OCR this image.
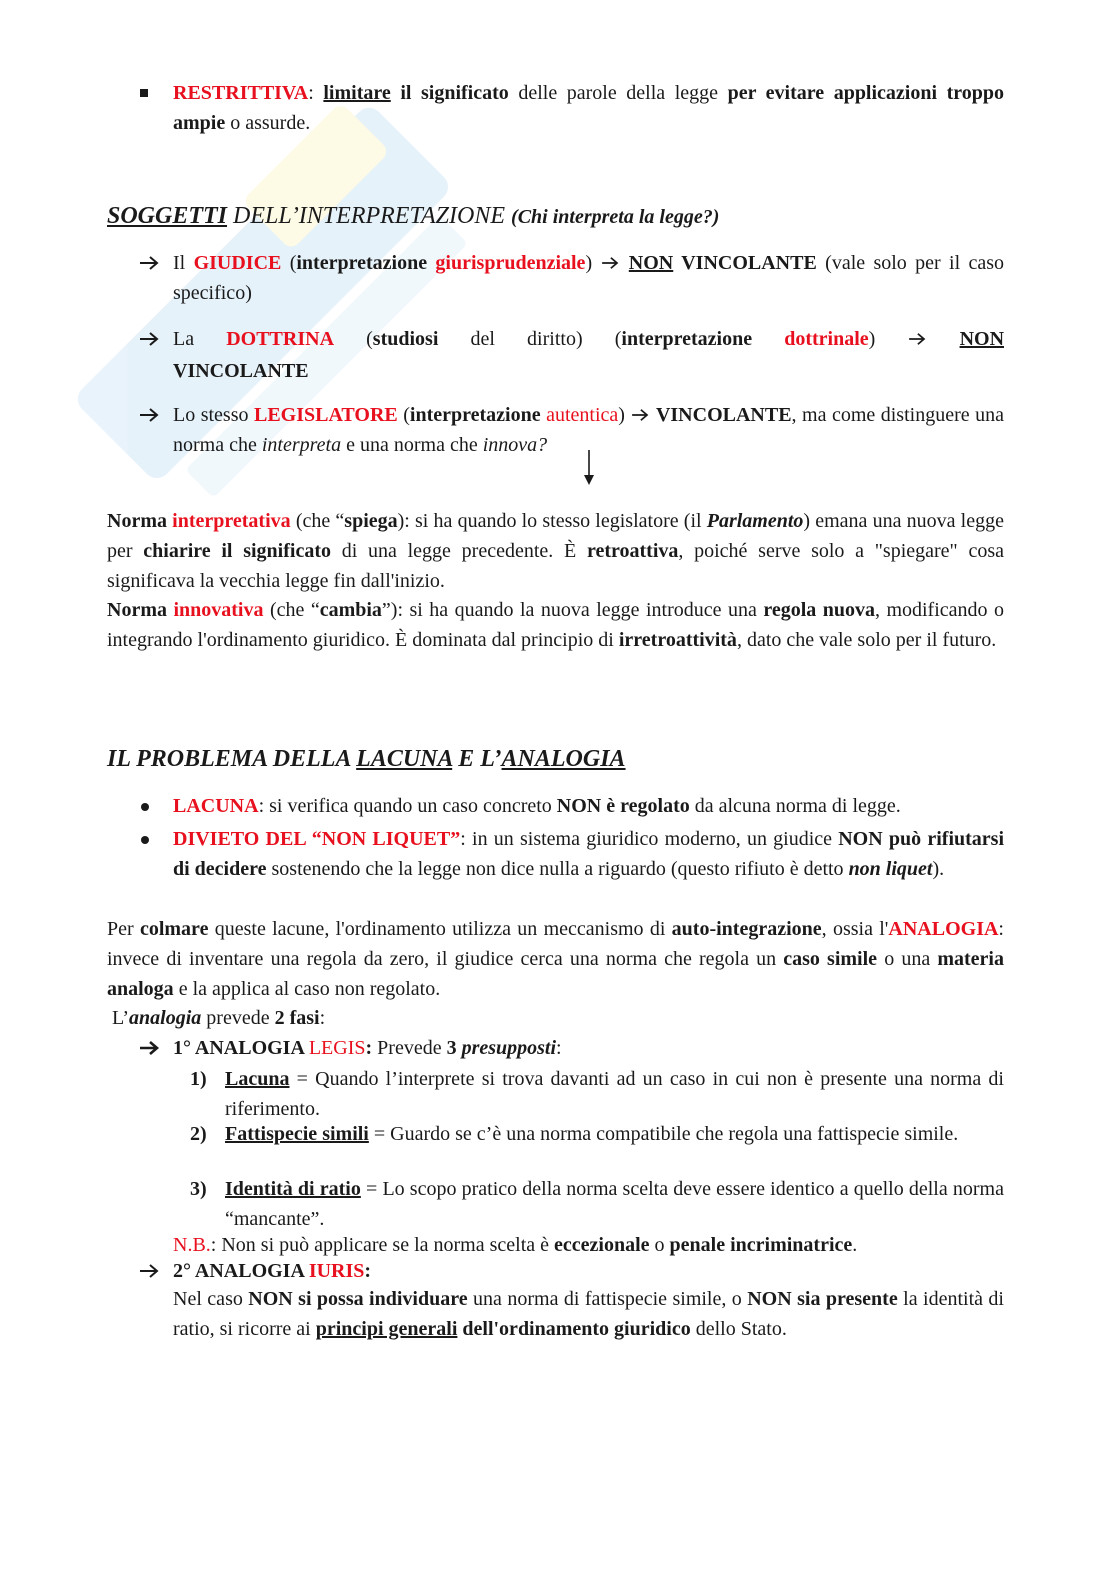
RESTRITTIVA: limitare il significato delle parole della legge per evitare applicazioni troppo ampie o assurde.
SOGGETTI DELL’INTERPRETAZIONE (Chi interpreta la legge?)
Il GIUDICE (interpretazione giurisprudenziale)  NON VINCOLANTE (vale solo per il caso specifico)
La DOTTRINA (studiosi del diritto) (interpretazione dottrinale)	NON
VINCOLANTE
Lo stesso LEGISLATORE (interpretazione autentica)  VINCOLANTE, ma come distinguere una norma che interpreta e una norma che innova?
Norma interpretativa (che “spiega): si ha quando lo stesso legislatore (il Parlamento) emana una nuova legge per chiarire il significato di una legge precedente. È retroattiva, poiché serve solo a "spiegare" cosa significava la vecchia legge fin dall'inizio.
Norma innovativa (che “cambia”): si ha quando la nuova legge introduce una regola nuova, modificando o integrando l'ordinamento giuridico. È dominata dal principio di irretroattività, dato che vale solo per il futuro.
IL PROBLEMA DELLA LACUNA E L’ANALOGIA
LACUNA: si verifica quando un caso concreto NON è regolato da alcuna norma di legge.
DIVIETO DEL “NON LIQUET”: in un sistema giuridico moderno, un giudice NON può rifiutarsi di decidere sostenendo che la legge non dice nulla a riguardo (questo rifiuto è detto non liquet).
Per colmare queste lacune, l'ordinamento utilizza un meccanismo di auto-integrazione, ossia l'ANALOGIA: invece di inventare una regola da zero, il giudice cerca una norma che regola un caso simile o una materia analoga e la applica al caso non regolato.
L’analogia prevede 2 fasi:
1° ANALOGIA LEGIS: Prevede 3 presupposti:
1) Lacuna = Quando l’interprete si trova davanti ad un caso in cui non è presente una norma di riferimento.
2) Fattispecie simili = Guardo se c’è una norma compatibile che regola una fattispecie simile.
3) Identità di ratio = Lo scopo pratico della norma scelta deve essere identico a quello della norma “mancante”.
N.B.: Non si può applicare se la norma scelta è eccezionale o penale incriminatrice.
2° ANALOGIA IURIS:
Nel caso NON si possa individuare una norma di fattispecie simile, o NON sia presente la identità di ratio, si ricorre ai principi generali dell'ordinamento giuridico dello Stato.
